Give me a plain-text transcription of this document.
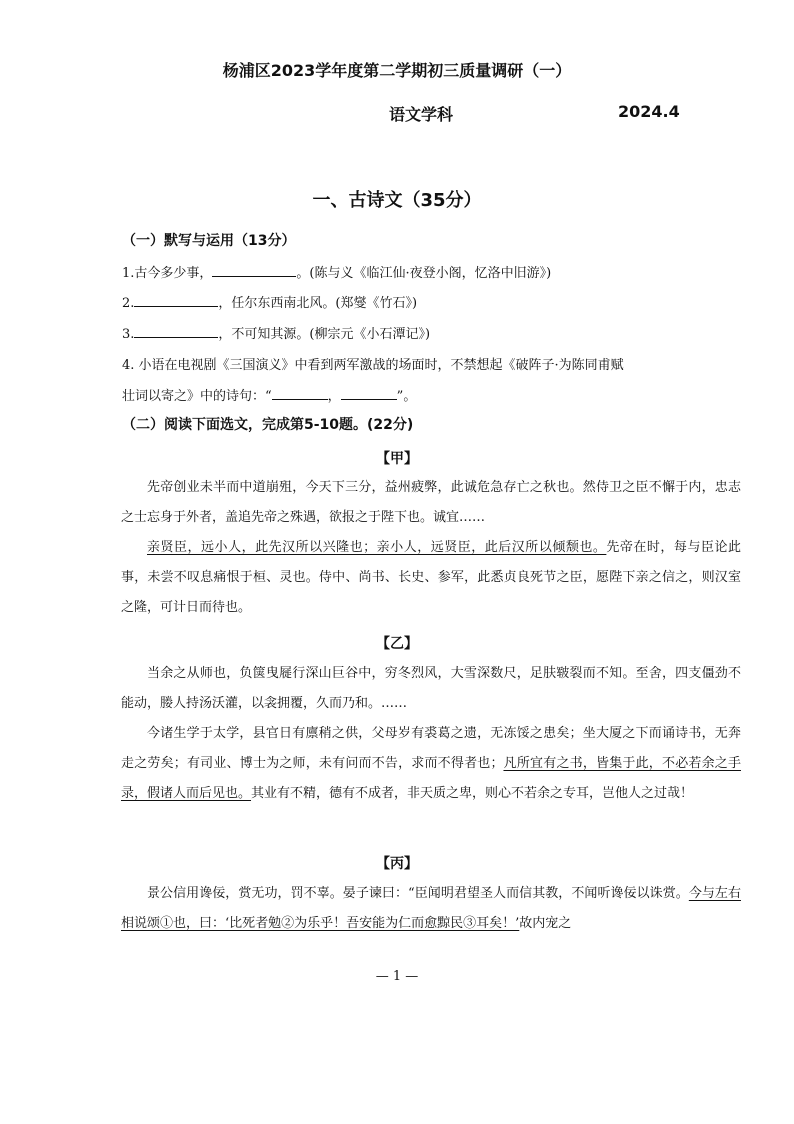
杨浦区2023学年度第二学期初三质量调研（一）
语文学科	2024.4
一、古诗文（35分）
（一）默写与运用（13分）
1.古今多少事，	。(陈与义《临江仙·夜登小阁，忆洛中旧游》)
2.	，任尔东西南北风。(郑燮《竹石》)
3.	，不可知其源。(柳宗元《小石潭记》)
4. 小语在电视剧《三国演义》中看到两军激战的场面时，不禁想起《破阵子·为陈同甫赋
壮词以寄之》中的诗句：“	，	”。
（二）阅读下面选文，完成第5-10题。(22分)
【甲】

先帝创业未半而中道崩殂，今天下三分，益州疲弊，此诚危急存亡之秋也。然侍卫之臣不懈于内，忠志之士忘身于外者，盖追先帝之殊遇，欲报之于陛下也。诚宜……

亲贤臣，远小人，此先汉所以兴隆也；亲小人，远贤臣，此后汉所以倾颓也。先帝在时，每与臣论此事，未尝不叹息痛恨于桓、灵也。侍中、尚书、长史、参军，此悉贞良死节之臣，愿陛下亲之信之，则汉室之隆，可计日而待也。

【乙】

当余之从师也，负箧曳屣行深山巨谷中，穷冬烈风，大雪深数尺，足肤皲裂而不知。至舍，四支僵劲不能动，媵人持汤沃灌，以衾拥覆，久而乃和。……

今诸生学于太学，县官日有廪稍之供，父母岁有裘葛之遗，无冻馁之患矣；坐大厦之下而诵诗书，无奔走之劳矣；有司业、博士为之师，未有问而不告，求而不得者也；凡所宜有之书，皆集于此，不必若余之手录，假诸人而后见也。其业有不精，德有不成者，非天质之卑，则心不若余之专耳，岂他人之过哉！

【丙】

景公信用谗佞，赏无功，罚不辜。晏子谏曰：“臣闻明君望圣人而信其教，不闻听谗佞以诛赏。今与左右相说颂①也，曰：‘比死者勉②为乐乎！吾安能为仁而愈黥民③耳矣！’故内宠之

— 1 —
